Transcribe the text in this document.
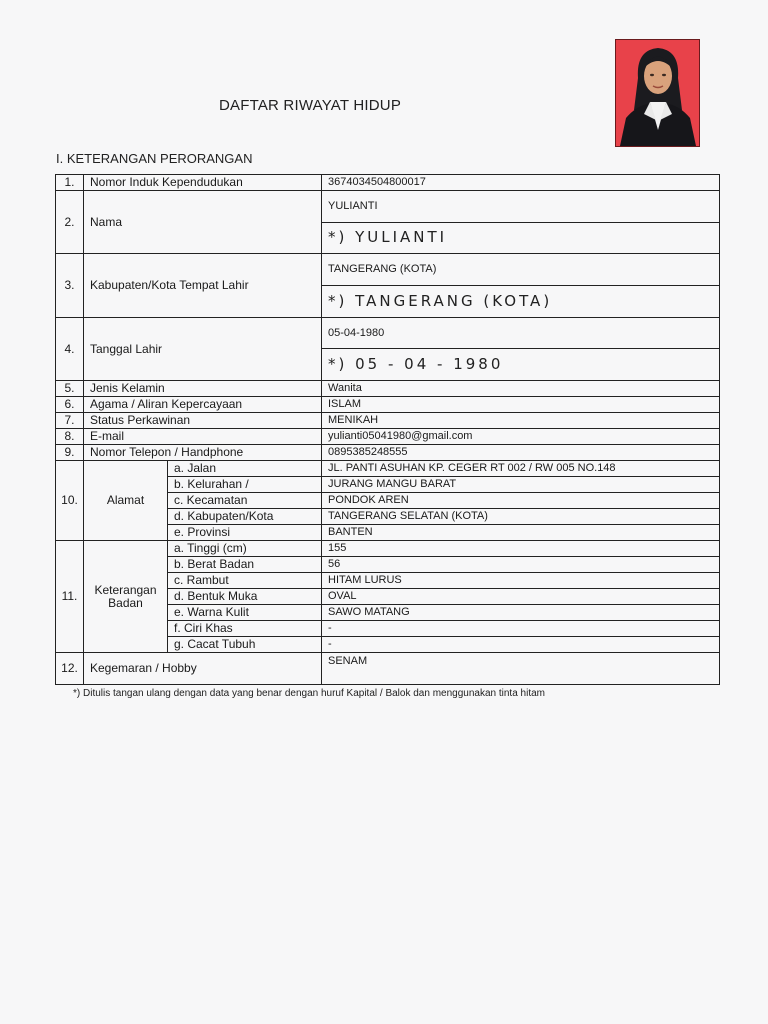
DAFTAR RIWAYAT HIDUP
I. KETERANGAN PERORANGAN
1.	Nomor Induk Kependudukan		3674034504800017
2.	Nama		YULIANTI
			*) YULIANTI
3.	Kabupaten/Kota Tempat Lahir		TANGERANG (KOTA)
			*) TANGERANG (KOTA)
4.	Tanggal Lahir		05-04-1980
			*) 05 - 04 - 1980
5.	Jenis Kelamin		Wanita
6.	Agama / Aliran Kepercayaan		ISLAM
7.	Status Perkawinan		MENIKAH
8.	E-mail		yulianti05041980@gmail.com
9.	Nomor Telepon / Handphone		0895385248555
10.	Alamat	a. Jalan	JL. PANTI ASUHAN KP. CEGER RT 002 / RW 005 NO.148
		b. Kelurahan /	JURANG MANGU BARAT
		c. Kecamatan	PONDOK AREN
		d. Kabupaten/Kota	TANGERANG SELATAN (KOTA)
		e. Provinsi	BANTEN
11.	Keterangan Badan	a. Tinggi (cm)	155
		b. Berat Badan	56
		c. Rambut	HITAM LURUS
		d. Bentuk Muka	OVAL
		e. Warna Kulit	SAWO MATANG
		f. Ciri Khas	-
		g. Cacat Tubuh	-
12.	Kegemaran / Hobby		SENAM
*) Ditulis tangan ulang dengan data yang benar dengan huruf Kapital / Balok dan menggunakan tinta hitam
